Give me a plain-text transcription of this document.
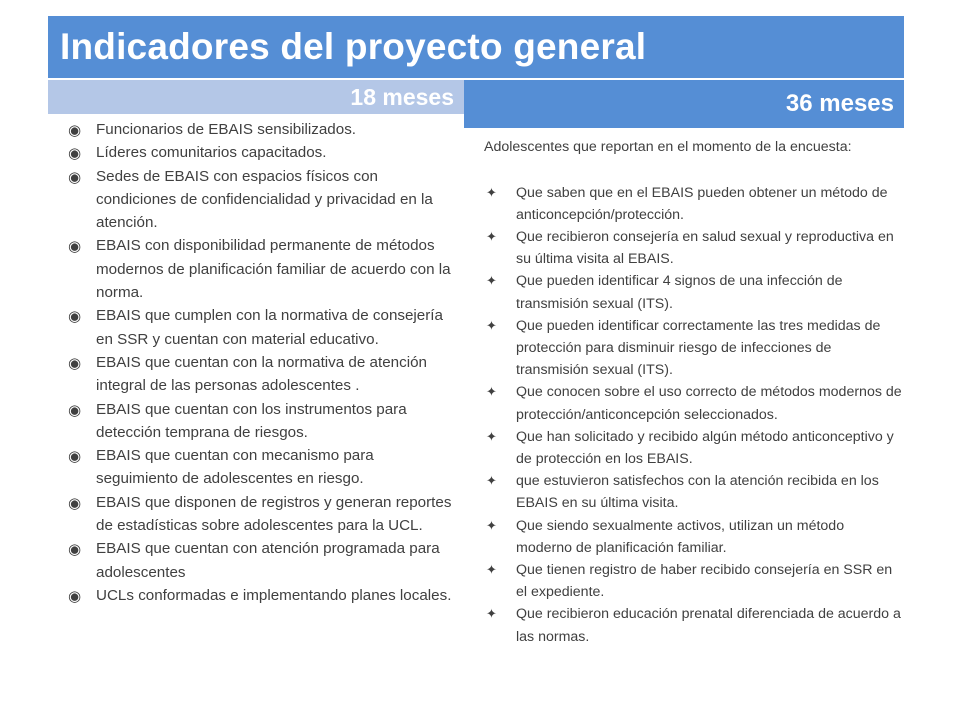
Indicadores del proyecto general
18 meses	36 meses
◉ Funcionarios de EBAIS sensibilizados.
◉ Líderes comunitarios capacitados.
◉ Sedes de EBAIS con espacios físicos con condiciones de confidencialidad y privacidad en la atención.
◉ EBAIS con disponibilidad permanente de métodos modernos de planificación familiar de acuerdo con la norma.
◉ EBAIS que cumplen con la normativa de consejería en SSR y cuentan con material educativo.
◉ EBAIS que cuentan con la normativa de atención integral de las personas adolescentes .
◉ EBAIS que cuentan con los instrumentos para detección temprana de riesgos.
◉ EBAIS que cuentan con mecanismo para seguimiento de adolescentes en riesgo.
◉ EBAIS que disponen de registros y generan reportes de estadísticas sobre adolescentes para la UCL.
◉ EBAIS que cuentan con atención programada para adolescentes
◉ UCLs conformadas e implementando planes locales.

Adolescentes que reportan en el momento de la encuesta:

✦ Que saben que en el EBAIS pueden obtener un método de anticoncepción/protección.
✦ Que recibieron consejería en salud sexual y reproductiva en su última visita al EBAIS.
✦ Que pueden identificar 4 signos de una infección de transmisión sexual (ITS).
✦ Que pueden identificar correctamente las tres medidas de protección para disminuir riesgo de infecciones de transmisión sexual (ITS).
✦ Que conocen sobre el uso correcto de métodos modernos de protección/anticoncepción seleccionados.
✦ Que han solicitado y recibido algún método anticonceptivo y de protección en los EBAIS.
✦ que estuvieron satisfechos con la atención recibida en los EBAIS en su última visita.
✦ Que siendo sexualmente activos, utilizan un método moderno de planificación familiar.
✦ Que tienen registro de haber recibido consejería en SSR en el expediente.
✦ Que recibieron educación prenatal diferenciada de acuerdo a las normas.
